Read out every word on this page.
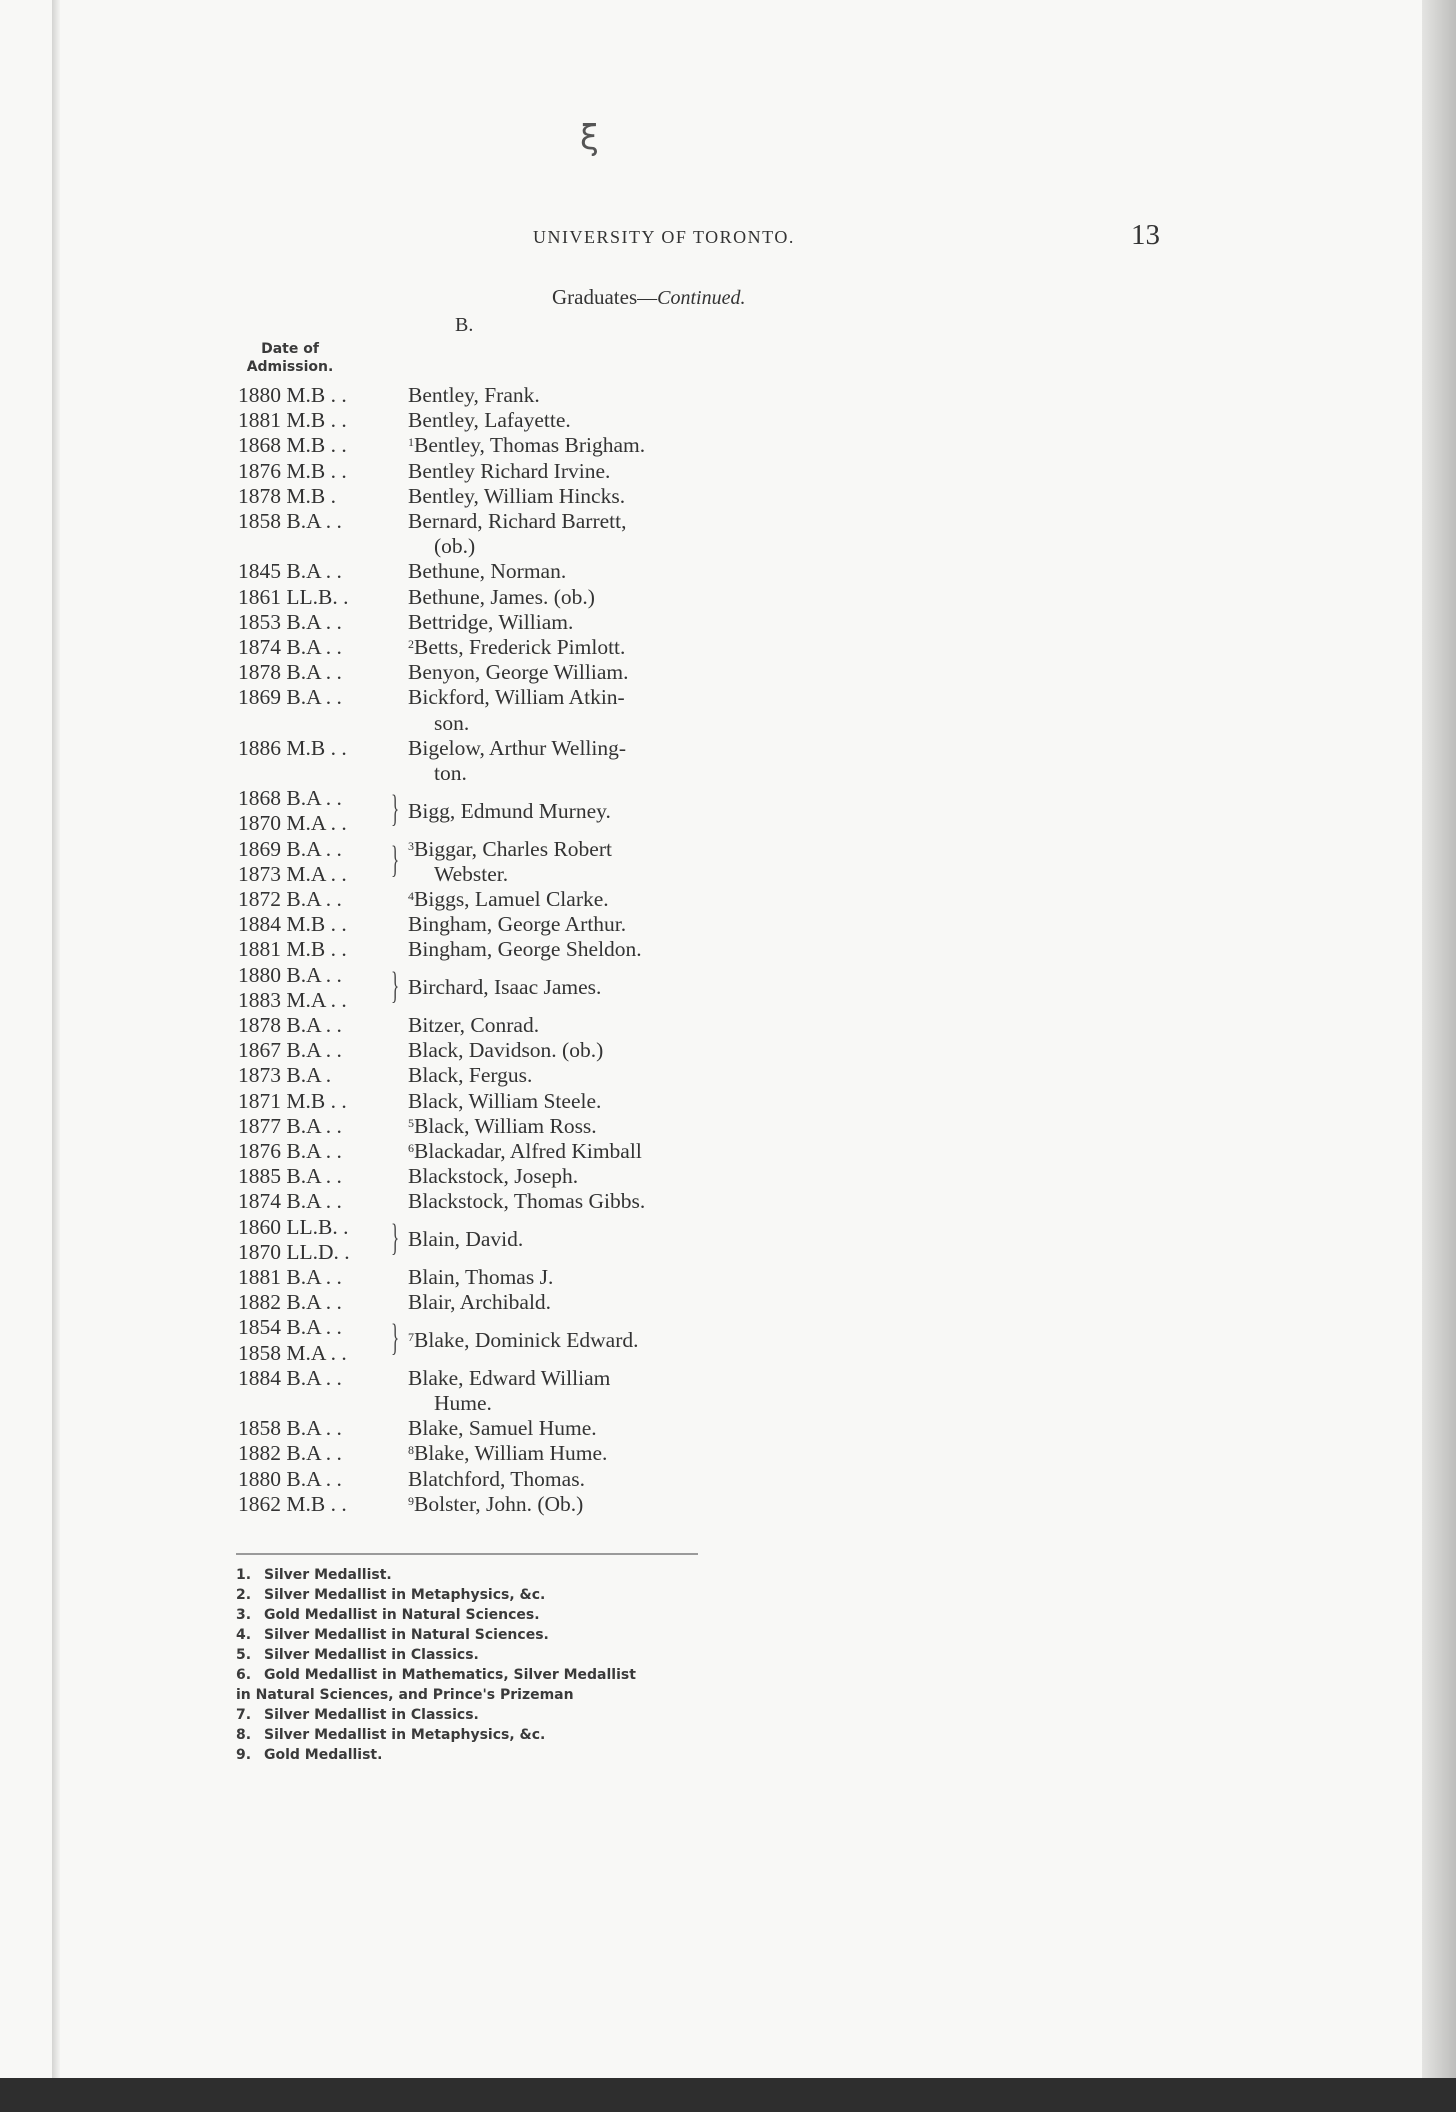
ξ
UNIVERSITY OF TORONTO.	13
Graduates—Continued.
B.
Date of
Admission.
1880 M.B . .	Bentley, Frank.
1881 M.B . .	Bentley, Lafayette.
1868 M.B . .	$^1$Bentley, Thomas Brigham.
1876 M.B . .	Bentley Richard Irvine.
1878 M.B .	Bentley, William Hincks.
1858 B.A . .	Bernard, Richard Barrett,
(ob.)
1845 B.A . .	Bethune, Norman.
1861 LL.B. .	Bethune, James. (ob.)
1853 B.A . .	Bettridge, William.
1874 B.A . .	$^2$Betts, Frederick Pimlott.
1878 B.A . .	Benyon, George William.
1869 B.A . .	Bickford, William Atkin-
son.
1886 M.B . .	Bigelow, Arthur Welling-
ton.
1868 B.A . .
1870 M.A . .	} Bigg, Edmund Murney.
1869 B.A . .
1873 M.A . .	} $^3$Biggar, Charles Robert
Webster.
1872 B.A . .	$^4$Biggs, Lamuel Clarke.
1884 M.B . .	Bingham, George Arthur.
1881 M.B . .	Bingham, George Sheldon.
1880 B.A . .
1883 M.A . .	} Birchard, Isaac James.
1878 B.A . .	Bitzer, Conrad.
1867 B.A . .	Black, Davidson. (ob.)
1873 B.A .	Black, Fergus.
1871 M.B . .	Black, William Steele.
1877 B.A . .	$^5$Black, William Ross.
1876 B.A . .	$^6$Blackadar, Alfred Kimball
1885 B.A . .	Blackstock, Joseph.
1874 B.A . .	Blackstock, Thomas Gibbs.
1860 LL.B. .
1870 LL.D. .	} Blain, David.
1881 B.A . .	Blain, Thomas J.
1882 B.A . .	Blair, Archibald.
1854 B.A . .
1858 M.A . .	} $^7$Blake, Dominick Edward.
1884 B.A . .	Blake, Edward William
Hume.
1858 B.A . .	Blake, Samuel Hume.
1882 B.A . .	$^8$Blake, William Hume.
1880 B.A . .	Blatchford, Thomas.
1862 M.B . .	$^9$Bolster, John. (Ob.)
1. Silver Medallist.
2. Silver Medallist in Metaphysics, &c.
3. Gold Medallist in Natural Sciences.
4. Silver Medallist in Natural Sciences.
5. Silver Medallist in Classics.
6. Gold Medallist in Mathematics, Silver Medallist
in Natural Sciences, and Prince's Prizeman
7. Silver Medallist in Classics.
8. Silver Medallist in Metaphysics, &c.
9. Gold Medallist.
